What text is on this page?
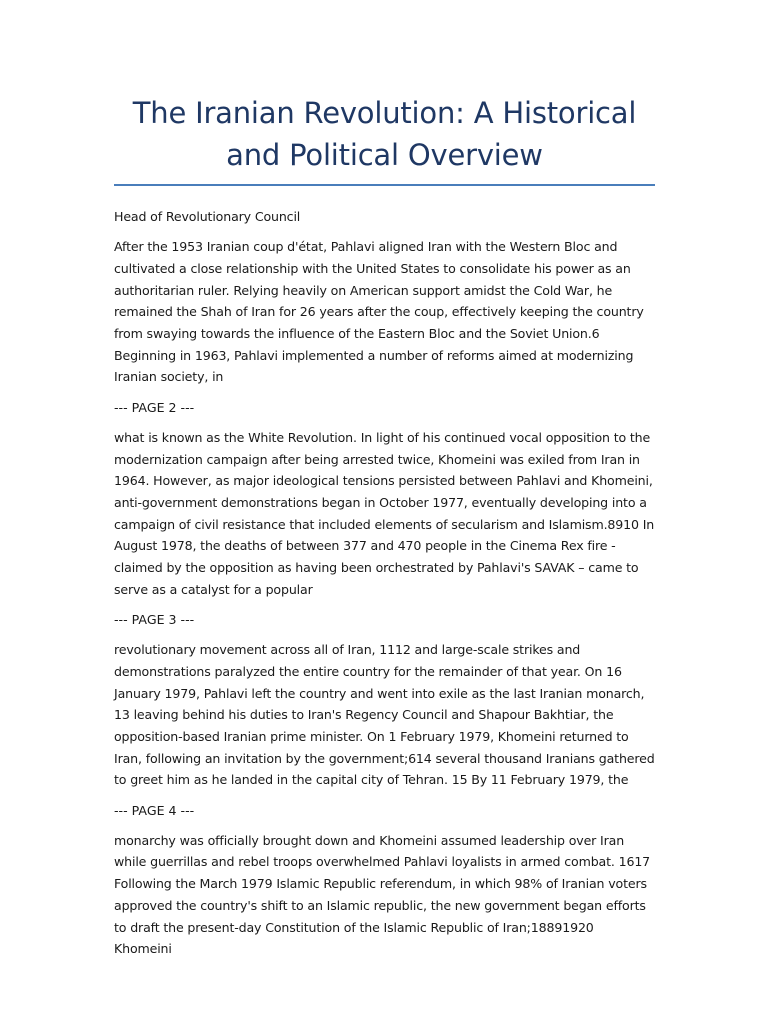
The Iranian Revolution: A Historical and Political Overview

Head of Revolutionary Council

After the 1953 Iranian coup d'état, Pahlavi aligned Iran with the Western Bloc and cultivated a close relationship with the United States to consolidate his power as an authoritarian ruler. Relying heavily on American support amidst the Cold War, he remained the Shah of Iran for 26 years after the coup, effectively keeping the country from swaying towards the influence of the Eastern Bloc and the Soviet Union.6 Beginning in 1963, Pahlavi implemented a number of reforms aimed at modernizing Iranian society, in

--- PAGE 2 ---

what is known as the White Revolution. In light of his continued vocal opposition to the modernization campaign after being arrested twice, Khomeini was exiled from Iran in 1964. However, as major ideological tensions persisted between Pahlavi and Khomeini, anti-government demonstrations began in October 1977, eventually developing into a campaign of civil resistance that included elements of secularism and Islamism.8910 In August 1978, the deaths of between 377 and 470 people in the Cinema Rex fire - claimed by the opposition as having been orchestrated by Pahlavi's SAVAK – came to serve as a catalyst for a popular

--- PAGE 3 ---

revolutionary movement across all of Iran, 1112 and large-scale strikes and demonstrations paralyzed the entire country for the remainder of that year. On 16 January 1979, Pahlavi left the country and went into exile as the last Iranian monarch, 13 leaving behind his duties to Iran's Regency Council and Shapour Bakhtiar, the opposition-based Iranian prime minister. On 1 February 1979, Khomeini returned to Iran, following an invitation by the government;614 several thousand Iranians gathered to greet him as he landed in the capital city of Tehran. 15 By 11 February 1979, the

--- PAGE 4 ---

monarchy was officially brought down and Khomeini assumed leadership over Iran while guerrillas and rebel troops overwhelmed Pahlavi loyalists in armed combat. 1617 Following the March 1979 Islamic Republic referendum, in which 98% of Iranian voters approved the country's shift to an Islamic republic, the new government began efforts to draft the present-day Constitution of the Islamic Republic of Iran;18891920 Khomeini
